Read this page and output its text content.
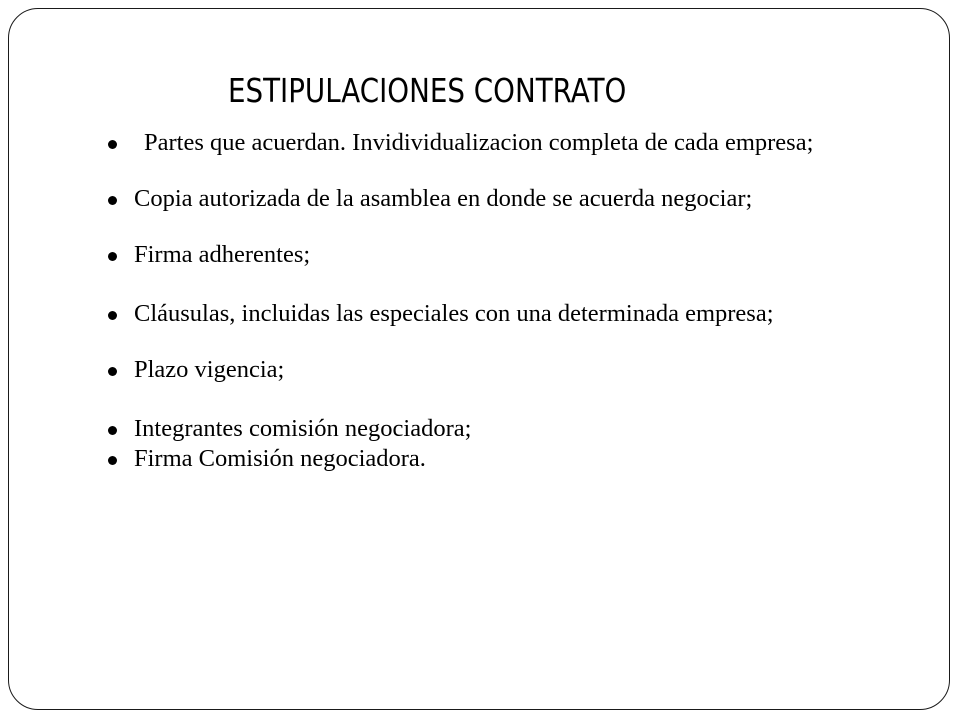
ESTIPULACIONES CONTRATO
Partes que acuerdan. Invidividualizacion completa de cada empresa;
Copia autorizada de la asamblea en donde se acuerda negociar;
Firma adherentes;
Cláusulas, incluidas las especiales con una determinada empresa;
Plazo vigencia;
Integrantes comisión negociadora;
Firma Comisión negociadora.
